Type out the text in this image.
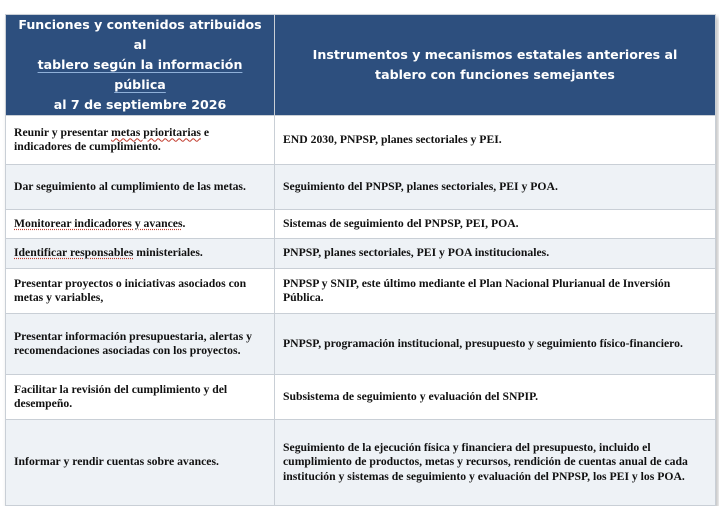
Funciones y contenidos atribuidos al
tablero según la información pública
al 7 de septiembre 2026	Instrumentos y mecanismos estatales anteriores al tablero con funciones semejantes
Reunir y presentar metas prioritarias e indicadores de cumplimiento.	END 2030, PNPSP, planes sectoriales y PEI.
Dar seguimiento al cumplimiento de las metas.	Seguimiento del PNPSP, planes sectoriales, PEI y POA.
Monitorear indicadores y avances.	Sistemas de seguimiento del PNPSP, PEI, POA.
Identificar responsables ministeriales.	PNPSP, planes sectoriales, PEI y POA institucionales.
Presentar proyectos o iniciativas asociados con metas y variables,	PNPSP y SNIP, este último mediante el Plan Nacional Plurianual de Inversión Pública.
Presentar información presupuestaria, alertas y recomendaciones asociadas con los proyectos.	PNPSP, programación institucional, presupuesto y seguimiento físico-financiero.
Facilitar la revisión del cumplimiento y del desempeño.	Subsistema de seguimiento y evaluación del SNPIP.
Informar y rendir cuentas sobre avances.	Seguimiento de la ejecución física y financiera del presupuesto, incluido el cumplimiento de productos, metas y recursos, rendición de cuentas anual de cada institución y sistemas de seguimiento y evaluación del PNPSP, los PEI y los POA.
